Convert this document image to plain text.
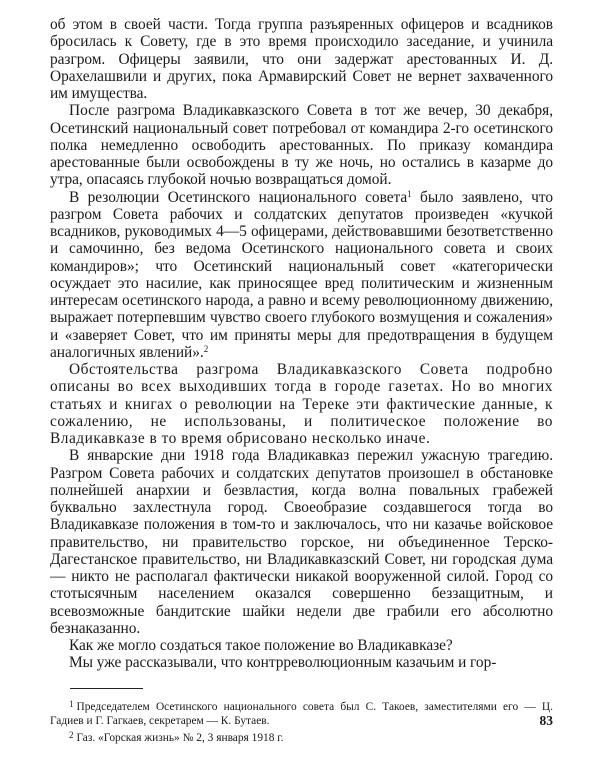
об этом в своей части. Тогда группа разъяренных офицеров и всадников бросилась к Совету, где в это время происходило заседание, и учинила разгром. Офицеры заявили, что они задержат арестованных И. Д. Орахелашвили и других, пока Армавирский Совет не вернет захваченного им имущества.

После разгрома Владикавказского Совета в тот же вечер, 30 декабря, Осетинский национальный совет потребовал от командира 2-го осетинского полка немедленно освободить арестованных. По приказу командира арестованные были освобождены в ту же ночь, но остались в казарме до утра, опасаясь глубокой ночью возвращаться домой.

В резолюции Осетинского национального совета$^1$ было заявлено, что разгром Совета рабочих и солдатских депутатов произведен «кучкой всадников, руководимых 4—5 офицерами, действовавшими безответственно и самочинно, без ведома Осетинского национального совета и своих командиров»; что Осетинский национальный совет «категорически осуждает это насилие, как приносящее вред политическим и жизненным интересам осетинского народа, а равно и всему революционному движению, выражает потерпевшим чувство своего глубокого возмущения и сожаления» и «заверяет Совет, что им приняты меры для предотвращения в будущем аналогичных явлений».$^2$

Обстоятельства разгрома Владикавказского Совета подробно описаны во всех выходивших тогда в городе газетах. Но во многих статьях и книгах о революции на Тереке эти фактические данные, к сожалению, не использованы, и политическое положение во Владикавказе в то время обрисовано несколько иначе.

В январские дни 1918 года Владикавказ пережил ужасную трагедию. Разгром Совета рабочих и солдатских депутатов произошел в обстановке полнейшей анархии и безвластия, когда волна повальных грабежей буквально захлестнула город. Своеобразие создавшегося тогда во Владикавказе положения в том-то и заключалось, что ни казачье войсковое правительство, ни правительство горское, ни объединенное Терско-Дагестанское правительство, ни Владикавказский Совет, ни городская дума — никто не располагал фактически никакой вооруженной силой. Город со стотысячным населением оказался совершенно беззащитным, и всевозможные бандитские шайки недели две грабили его абсолютно безнаказанно.

Как же могло создаться такое положение во Владикавказе?

Мы уже рассказывали, что контрреволюционным казачьим и гор-

$^1$ Председателем Осетинского национального совета был С. Такоев, заместителями его — Ц. Гадиев и Г. Гагкаев, секретарем — К. Бутаев.

$^2$ Газ. «Горская жизнь» № 2, 3 января 1918 г.

83
